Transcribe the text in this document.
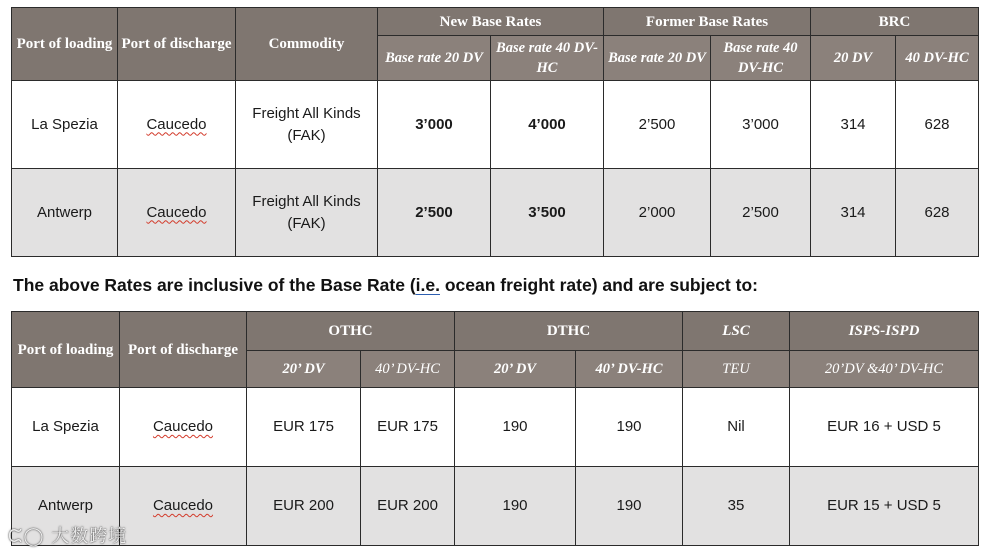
Port of loading	Port of discharge	Commodity	New Base Rates		Former Base Rates		BRC	
			Base rate 20 DV	Base rate 40 DV-HC	Base rate 20 DV	Base rate 40 DV-HC	20 DV	40 DV-HC
La Spezia	Caucedo	Freight All Kinds (FAK)	3’000	4’000	2’500	3’000	314	628
Antwerp	Caucedo	Freight All Kinds (FAK)	2’500	3’500	2’000	2’500	314	628
The above Rates are inclusive of the Base Rate (i.e. ocean freight rate) and are subject to:
Port of loading	Port of discharge	OTHC		DTHC		LSC	ISPS-ISPD
		20’ DV	40’ DV-HC	20’ DV	40’ DV-HC	TEU	20’DV &40’ DV-HC
La Spezia	Caucedo	EUR 175	EUR 175	190	190	Nil	EUR 16 + USD 5
Antwerp	Caucedo	EUR 200	EUR 200	190	190	35	EUR 15 + USD 5
ᙅ◯ 大数跨境
